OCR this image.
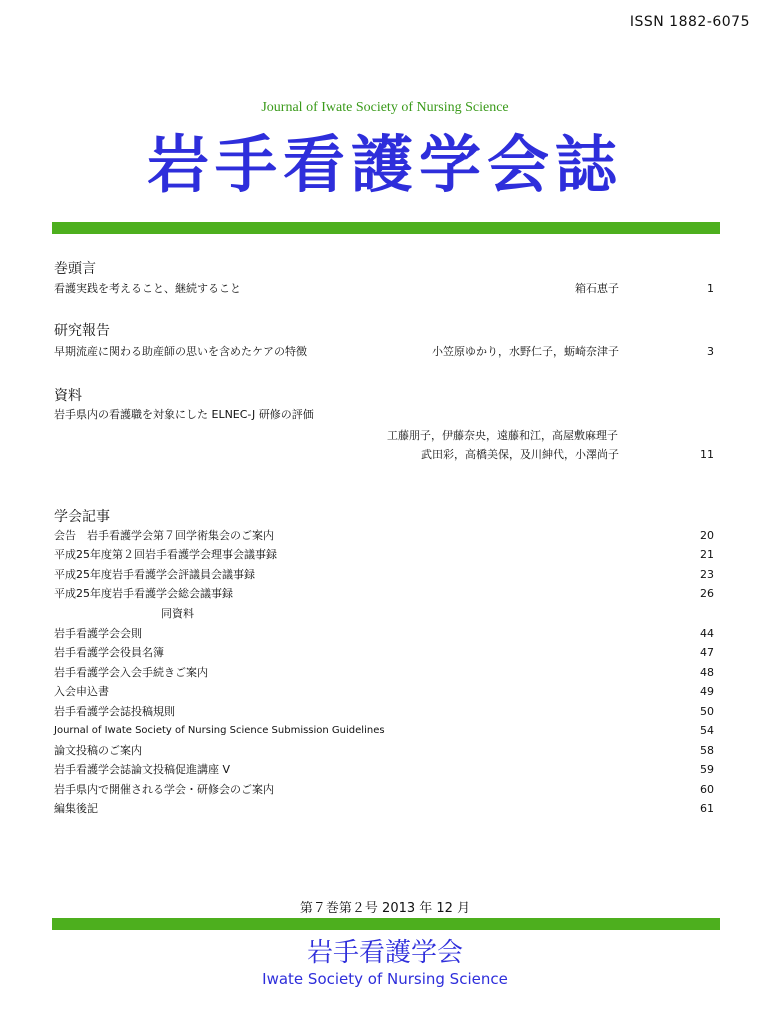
ISSN 1882-6075
Journal of Iwate Society of Nursing Science
岩手看護学会誌
巻頭言
看護実践を考えること、継続すること	箱石恵子	1
研究報告
早期流産に関わる助産師の思いを含めたケアの特徴	小笠原ゆかり，水野仁子，蛎崎奈津子	3
資料
岩手県内の看護職を対象にした ELNEC-J 研修の評価
工藤朋子，伊藤奈央，遠藤和江，高屋敷麻理子
武田彩，高橋美保，及川紳代，小澤尚子	11
学会記事
会告　岩手看護学会第７回学術集会のご案内	20
平成25年度第２回岩手看護学会理事会議事録	21
平成25年度岩手看護学会評議員会議事録	23
平成25年度岩手看護学会総会議事録	26
同資料
岩手看護学会会則	44
岩手看護学会役員名簿	47
岩手看護学会入会手続きご案内	48
入会申込書	49
岩手看護学会誌投稿規則	50
Journal of Iwate Society of Nursing Science Submission Guidelines	54
論文投稿のご案内	58
岩手看護学会誌論文投稿促進講座 V	59
岩手県内で開催される学会・研修会のご案内	60
編集後記	61
第７巻第２号 2013 年 12 月
岩手看護学会
Iwate Society of Nursing Science
